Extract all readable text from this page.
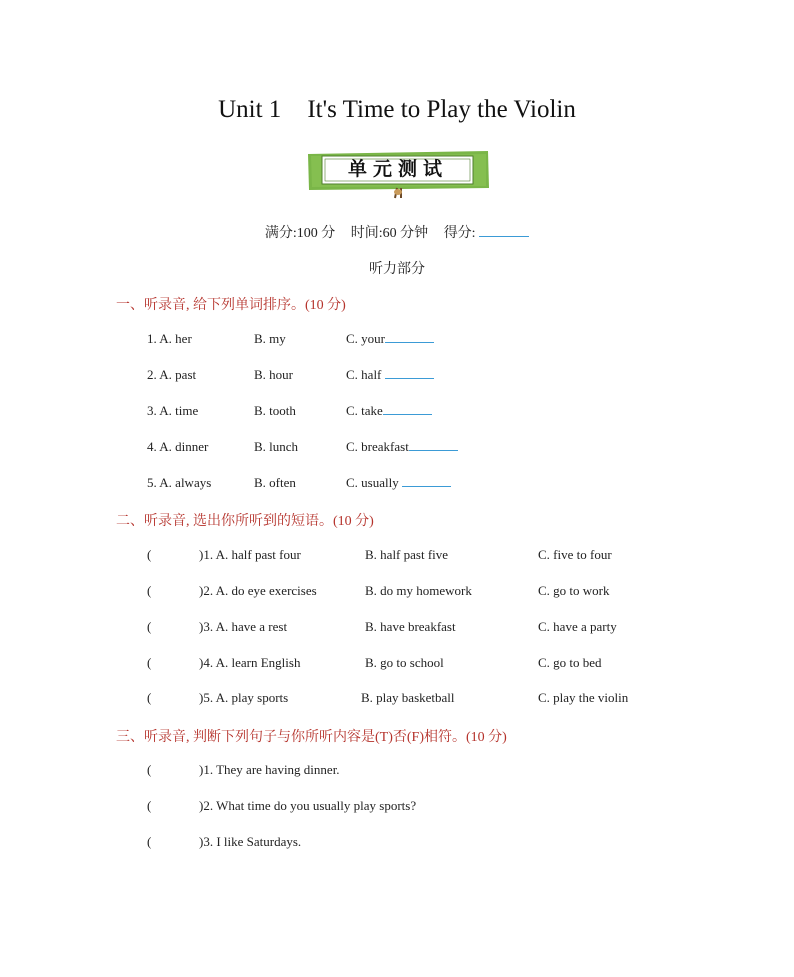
Unit 1 It's Time to Play the Violin
单元测试
满分:100 分 时间:60 分钟 得分:
听力部分
一、听录音, 给下列单词排序。(10 分)
1. A. her	B. my	C. your
2. A. past	B. hour	C. half
3. A. time	B. tooth	C. take
4. A. dinner	B. lunch	C. breakfast
5. A. always	B. often	C. usually
二、听录音, 选出你所听到的短语。(10 分)
(	)1. A. half past four	B. half past five	C. five to four
(	)2. A. do eye exercises	B. do my homework	C. go to work
(	)3. A. have a rest	B. have breakfast	C. have a party
(	)4. A. learn English	B. go to school	C. go to bed
(	)5. A. play sports	B. play basketball	C. play the violin
三、听录音, 判断下列句子与你所听内容是(T)否(F)相符。(10 分)
(	)1. They are having dinner.
(	)2. What time do you usually play sports?
(	)3. I like Saturdays.
